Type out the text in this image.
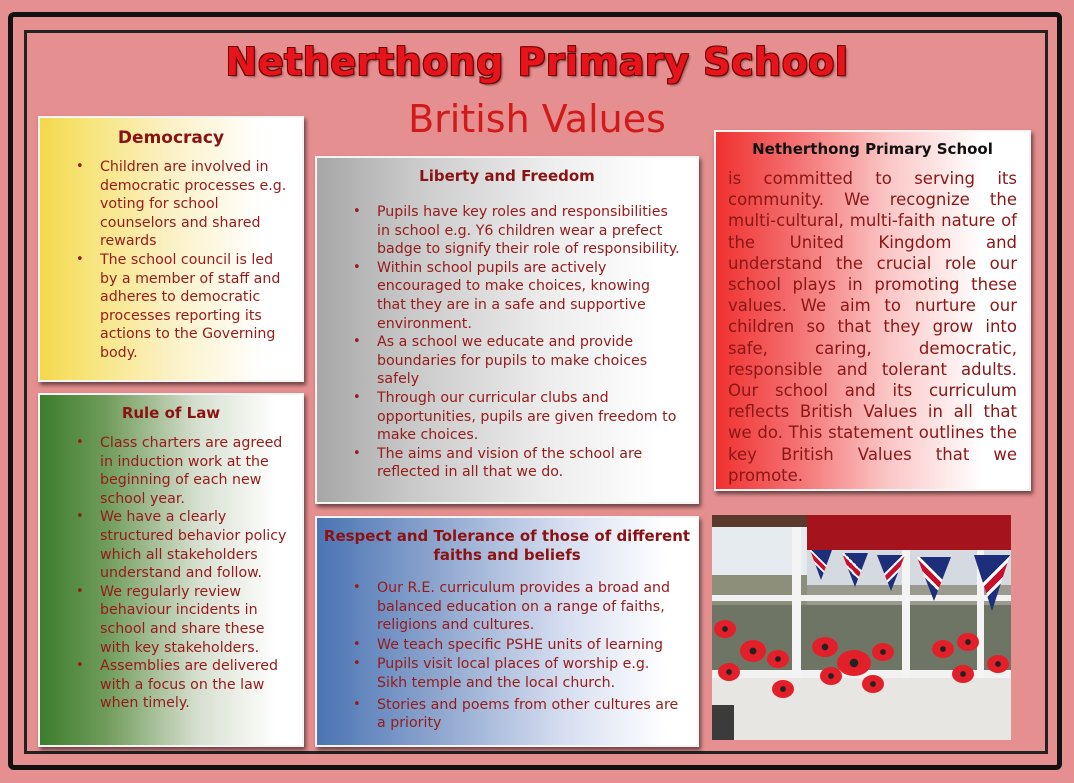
Netherthong Primary School
British Values
Democracy
• Children are involved in democratic processes e.g. voting for school counselors and shared rewards
• The school council is led by a member of staff and adheres to democratic processes reporting its actions to the Governing body.
Rule of Law
• Class charters are agreed in induction work at the beginning of each new school year.
• We have a clearly structured behavior policy which all stakeholders understand and follow.
• We regularly review behaviour incidents in school and share these with key stakeholders.
• Assemblies are delivered with a focus on the law when timely.
Liberty and Freedom
• Pupils have key roles and responsibilities in school e.g. Y6 children wear a prefect badge to signify their role of responsibility.
• Within school pupils are actively encouraged to make choices, knowing that they are in a safe and supportive environment.
• As a school we educate and provide boundaries for pupils to make choices safely
• Through our curricular clubs and opportunities, pupils are given freedom to make choices.
• The aims and vision of the school are reflected in all that we do.
Respect and Tolerance of those of different faiths and beliefs
• Our R.E. curriculum provides a broad and balanced education on a range of faiths, religions and cultures.
• We teach specific PSHE units of learning
• Pupils visit local places of worship e.g. Sikh temple and the local church.
• Stories and poems from other cultures are a priority
Netherthong Primary School

is committed to serving its community. We recognize the multi-cultural, multi-faith nature of the United Kingdom and understand the crucial role our school plays in promoting these values. We aim to nurture our children so that they grow into safe, caring, democratic, responsible and tolerant adults. Our school and its curriculum reflects British Values in all that we do. This statement outlines the key British Values that we promote.
